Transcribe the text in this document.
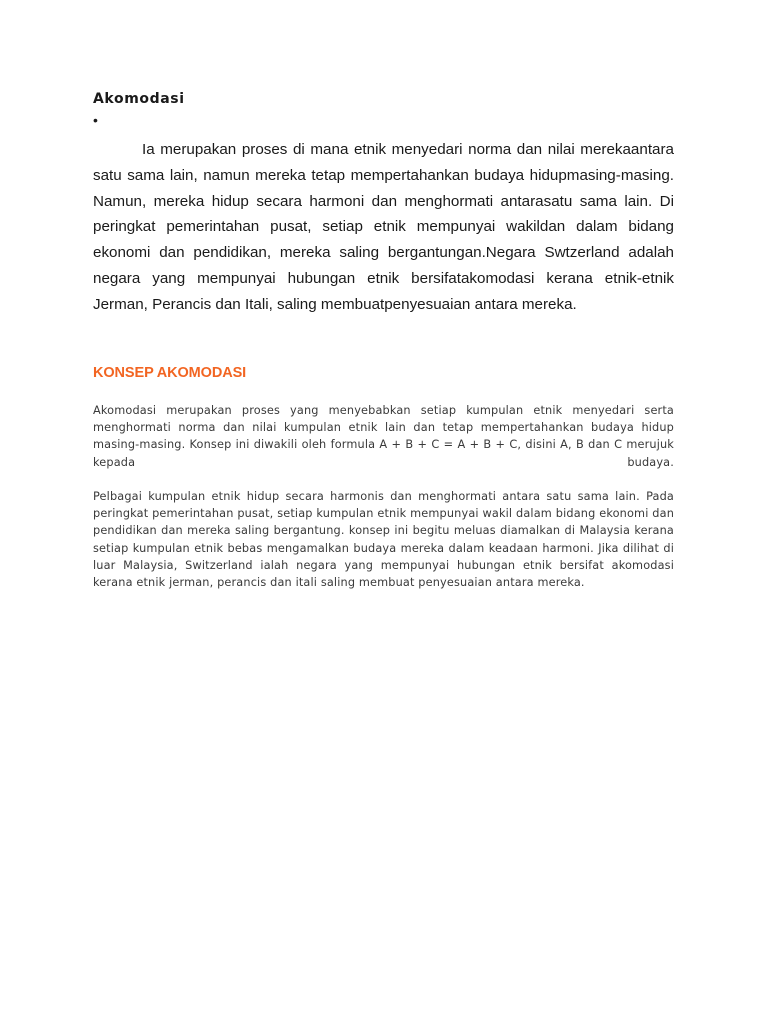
Akomodasi
•

Ia merupakan proses di mana etnik menyedari norma dan nilai merekaantara satu sama lain, namun mereka tetap mempertahankan budaya hidupmasing-masing. Namun, mereka hidup secara harmoni dan menghormati antarasatu sama lain. Di peringkat pemerintahan pusat, setiap etnik mempunyai wakildan dalam bidang ekonomi dan pendidikan, mereka saling bergantungan.Negara Swtzerland adalah negara yang mempunyai hubungan etnik bersifatakomodasi kerana etnik-etnik Jerman, Perancis dan Itali, saling membuatpenyesuaian antara mereka.

KONSEP AKOMODASI

Akomodasi merupakan proses yang menyebabkan setiap kumpulan etnik menyedari serta menghormati norma dan nilai kumpulan etnik lain dan tetap mempertahankan budaya hidup masing-masing. Konsep ini diwakili oleh formula A + B + C = A + B + C, disini A, B dan C merujuk kepada budaya.

Pelbagai kumpulan etnik hidup secara harmonis dan menghormati antara satu sama lain. Pada peringkat pemerintahan pusat, setiap kumpulan etnik mempunyai wakil dalam bidang ekonomi dan pendidikan dan mereka saling bergantung. konsep ini begitu meluas diamalkan di Malaysia kerana setiap kumpulan etnik bebas mengamalkan budaya mereka dalam keadaan harmoni. Jika dilihat di luar Malaysia, Switzerland ialah negara yang mempunyai hubungan etnik bersifat akomodasi kerana etnik jerman, perancis dan itali saling membuat penyesuaian antara mereka.
